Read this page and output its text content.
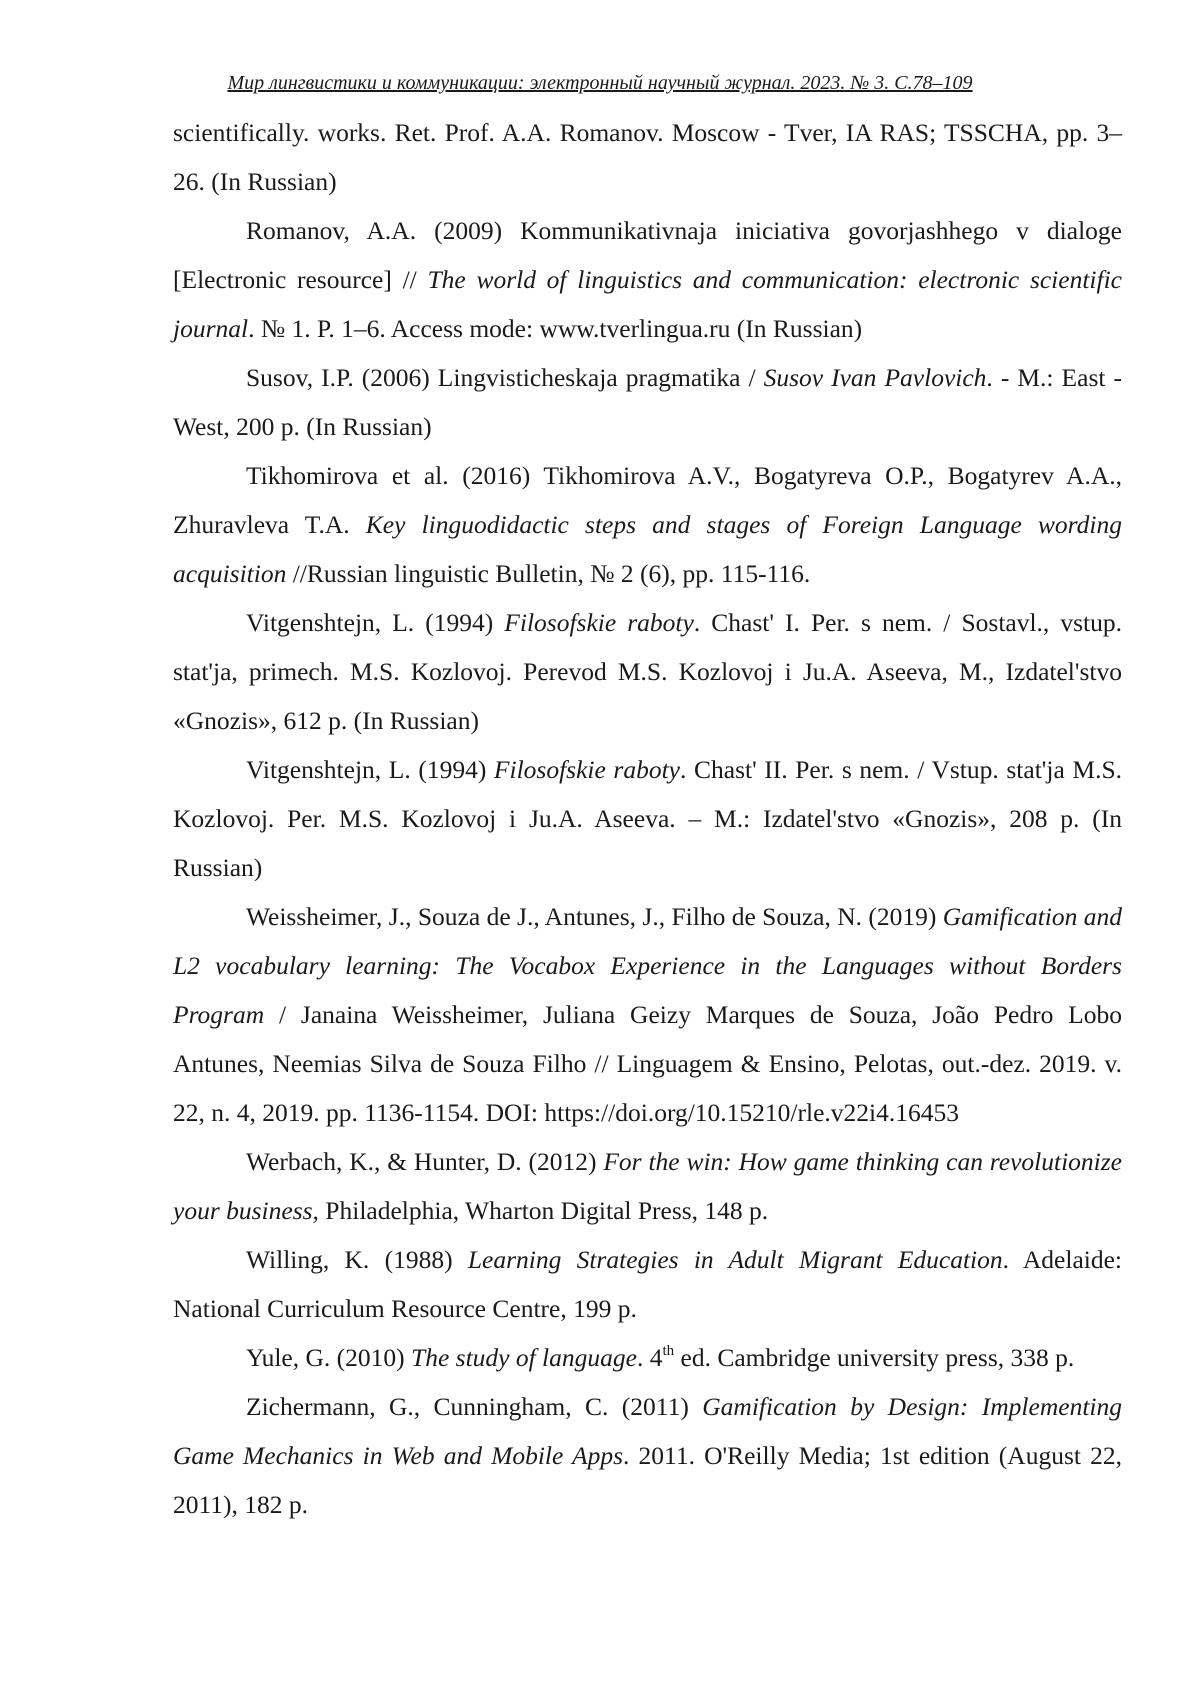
Мир лингвистики и коммуникации: электронный научный журнал. 2023. № 3. С.78–109

scientifically. works. Ret. Prof. A.A. Romanov. Moscow - Tver, IA RAS; TSSCHA, pp. 3–26. (In Russian)

Romanov, A.A. (2009) Kommunikativnaja iniciativa govorjashhego v dialoge [Electronic resource] // The world of linguistics and communication: electronic scientific journal. № 1. P. 1–6. Access mode: www.tverlingua.ru (In Russian)

Susov, I.P. (2006) Lingvisticheskaja pragmatika / Susov Ivan Pavlovich. - M.: East - West, 200 p. (In Russian)

Tikhomirova et al. (2016) Tikhomirova A.V., Bogatyreva O.P., Bogatyrev A.A., Zhuravleva T.A. Key linguodidactic steps and stages of Foreign Language wording acquisition //Russian linguistic Bulletin, № 2 (6), pp. 115-116.

Vitgenshtejn, L. (1994) Filosofskie raboty. Chast' I. Per. s nem. / Sostavl., vstup. stat'ja, primech. M.S. Kozlovoj. Perevod M.S. Kozlovoj i Ju.A. Aseeva, M., Izdatel'stvo «Gnozis», 612 p. (In Russian)

Vitgenshtejn, L. (1994) Filosofskie raboty. Chast' II. Per. s nem. / Vstup. stat'ja M.S. Kozlovoj. Per. M.S. Kozlovoj i Ju.A. Aseeva. – M.: Izdatel'stvo «Gnozis», 208 p. (In Russian)

Weissheimer, J., Souza de J., Antunes, J., Filho de Souza, N. (2019) Gamification and L2 vocabulary learning: The Vocabox Experience in the Languages without Borders Program / Janaina Weissheimer, Juliana Geizy Marques de Souza, João Pedro Lobo Antunes, Neemias Silva de Souza Filho // Linguagem & Ensino, Pelotas, out.-dez. 2019. v. 22, n. 4, 2019. pp. 1136-1154. DOI: https://doi.org/10.15210/rle.v22i4.16453

Werbach, K., & Hunter, D. (2012) For the win: How game thinking can revolutionize your business, Philadelphia, Wharton Digital Press, 148 p.

Willing, K. (1988) Learning Strategies in Adult Migrant Education. Adelaide: National Curriculum Resource Centre, 199 p.

Yule, G. (2010) The study of language. 4th ed. Cambridge university press, 338 p.

Zichermann, G., Cunningham, C. (2011) Gamification by Design: Implementing Game Mechanics in Web and Mobile Apps. 2011. O'Reilly Media; 1st edition (August 22, 2011), 182 p.
